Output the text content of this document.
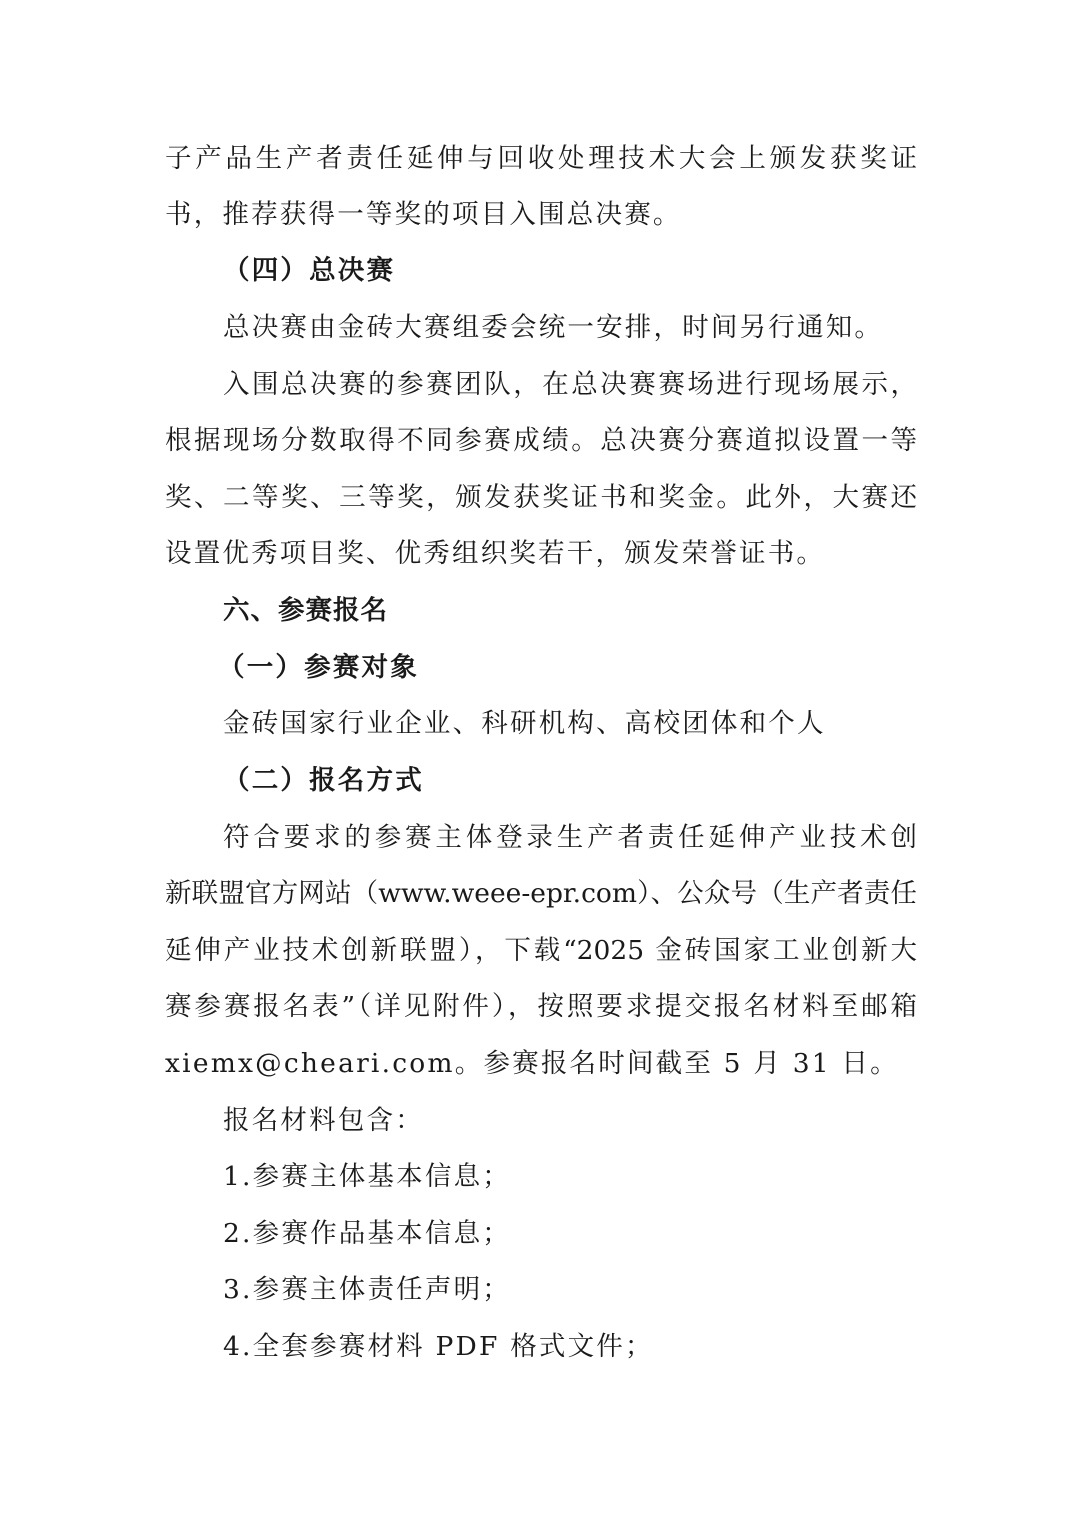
子产品生产者责任延伸与回收处理技术大会上颁发获奖证
书，推荐获得一等奖的项目入围总决赛。
（四）总决赛
总决赛由金砖大赛组委会统一安排，时间另行通知。
入围总决赛的参赛团队，在总决赛赛场进行现场展示，
根据现场分数取得不同参赛成绩。总决赛分赛道拟设置一等
奖、二等奖、三等奖，颁发获奖证书和奖金。此外，大赛还
设置优秀项目奖、优秀组织奖若干，颁发荣誉证书。
六、参赛报名
（一）参赛对象
金砖国家行业企业、科研机构、高校团体和个人
（二）报名方式
符合要求的参赛主体登录生产者责任延伸产业技术创
新联盟官方网站（www.weee-epr.com）、公众号（生产者责任
延伸产业技术创新联盟），下载“2025 金砖国家工业创新大
赛参赛报名表”（详见附件），按照要求提交报名材料至邮箱
xiemx@cheari.com。参赛报名时间截至 5 月 31 日。
报名材料包含：
1.参赛主体基本信息；
2.参赛作品基本信息；
3.参赛主体责任声明；
4.全套参赛材料 PDF 格式文件；
